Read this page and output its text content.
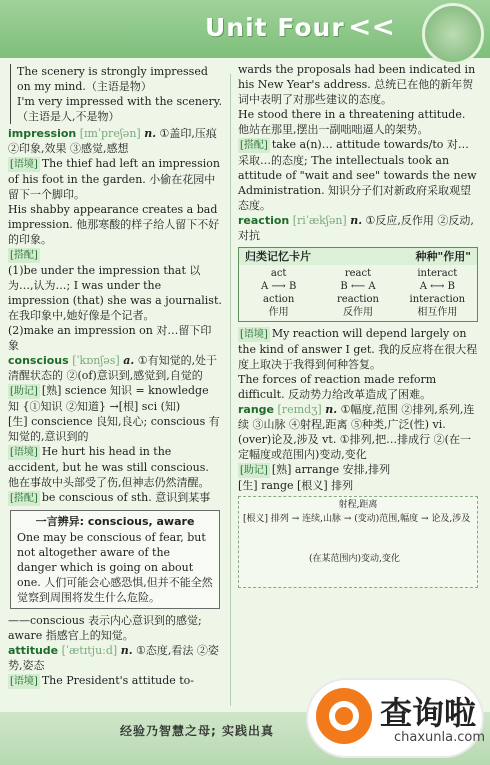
Unit Four <<

The scenery is strongly impressed on my mind.（主语是物）

I'm very impressed with the scenery.（主语是人,不是物）

impression [ɪmˈpreʃən] n. ①盖印,压痕 ②印象,效果 ③感觉,感想

[语境] The thief had left an impression of his foot in the garden. 小偷在花园中留下一个脚印。

His shabby appearance creates a bad impression. 他那寒酸的样子给人留下不好的印象。

[搭配]

(1)be under the impression that 以为…,认为…; I was under the impression (that) she was a journalist. 在我印象中,她好像是个记者。

(2)make an impression on 对…留下印象

conscious [ˈkɒnʃəs] a. ①有知觉的,处于清醒状态的 ②(of)意识到,感觉到,自觉的

[助记] [熟] science 知识 = knowledge 知 {①知识 ②知道} →[根] sci (知)

[生] conscience 良知,良心; conscious 有知觉的,意识到的

[语境] He hurt his head in the accident, but he was still conscious. 他在事故中头部受了伤,但神志仍然清醒。

[搭配] be conscious of sth. 意识到某事

一言辨异: conscious, aware

One may be conscious of fear, but not altogether aware of the danger which is going on about one. 人们可能会心感恐惧,但并不能全然觉察到周围将发生什么危险。

——conscious 表示内心意识到的感觉; aware 指感官上的知觉。

attitude [ˈætɪtjuːd] n. ①态度,看法 ②姿势,姿态

[语境] The President's attitude to-

wards the proposals had been indicated in his New Year's address. 总统已在他的新年贺词中表明了对那些建议的态度。

He stood there in a threatening attitude. 他站在那里,摆出一副咄咄逼人的架势。

[搭配] take a(n)… attitude towards/to 对…采取…的态度; The intellectuals took an attitude of "wait and see" towards the new Administration. 知识分子们对新政府采取观望态度。

reaction [riˈækʃən] n. ①反应,反作用 ②反动,对抗

归类记忆卡片	种种"作用"
act	react	interact
A ⟶ B	B ⟵ A	A ⟷ B
action	reaction	interaction
作用	反作用	相互作用

[语境] My reaction will depend largely on the kind of answer I get. 我的反应将在很大程度上取决于我得到何种答复。

The forces of reaction made reform difficult. 反动势力给改革造成了困难。

range [reɪndʒ] n. ①幅度,范围 ②排列,系列,连续 ③山脉 ④射程,距离 ⑤种类,广泛(性) vi. (over)论及,涉及 vt. ①排列,把…排成行 ②(在一定幅度或范围内)变动,变化

[助记] [熟] arrange 安排,排列

[生] range [根义] 排列

射程,距离
[根义] 排列 → 连续,山脉 → (变动)范围,幅度 → 论及,涉及
(在某范围内)变动,变化
经验乃智慧之母; 实践出真	查询啦
chaxunla.com
